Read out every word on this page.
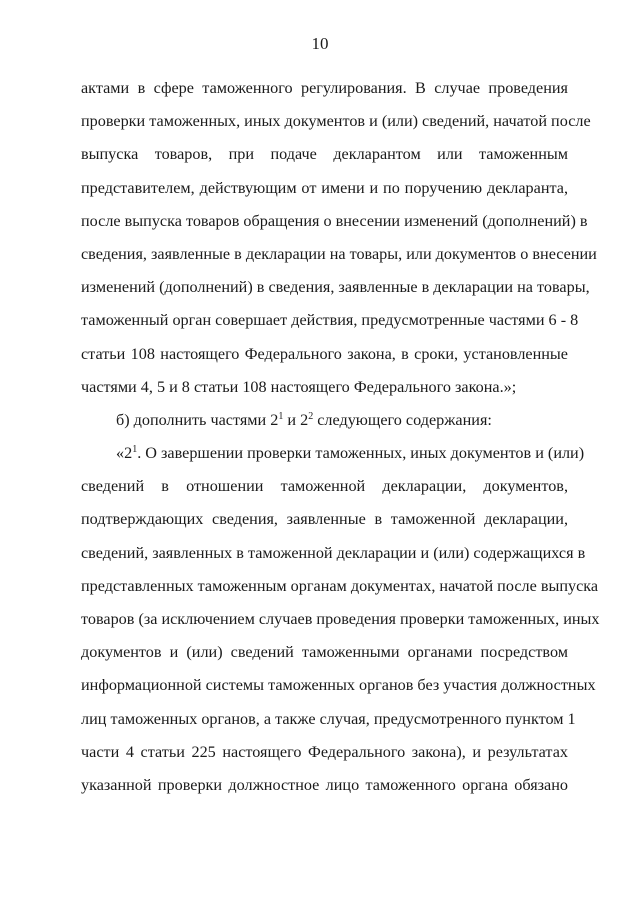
10
актами в сфере таможенного регулирования. В случае проведения
проверки таможенных, иных документов и (или) сведений, начатой после
выпуска товаров, при подаче декларантом или таможенным
представителем, действующим от имени и по поручению декларанта,
после выпуска товаров обращения о внесении изменений (дополнений) в
сведения, заявленные в декларации на товары, или документов о внесении
изменений (дополнений) в сведения, заявленные в декларации на товары,
таможенный орган совершает действия, предусмотренные частями 6 - 8
статьи 108 настоящего Федерального закона, в сроки, установленные
частями 4, 5 и 8 статьи 108 настоящего Федерального закона.»;
б) дополнить частями $2^1$ и $2^2$ следующего содержания:
«$2^1$. О завершении проверки таможенных, иных документов и (или)
сведений в отношении таможенной декларации, документов,
подтверждающих сведения, заявленные в таможенной декларации,
сведений, заявленных в таможенной декларации и (или) содержащихся в
представленных таможенным органам документах, начатой после выпуска
товаров (за исключением случаев проведения проверки таможенных, иных
документов и (или) сведений таможенными органами посредством
информационной системы таможенных органов без участия должностных
лиц таможенных органов, а также случая, предусмотренного пунктом 1
части 4 статьи 225 настоящего Федерального закона), и результатах
указанной проверки должностное лицо таможенного органа обязано
